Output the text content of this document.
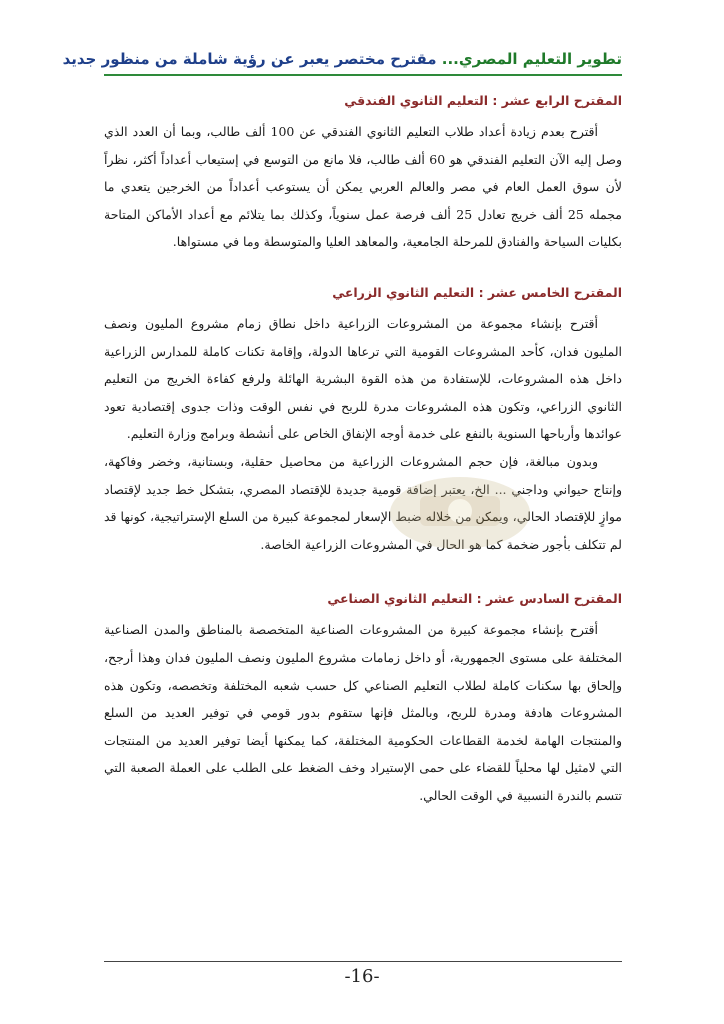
تطوير التعليم المصري... مقترح مختصر يعبر عن رؤية شاملة من منظور جديد
المقترح الرابع عشر : التعليم الثانوي الفندقي

أقترح بعدم زيادة أعداد طلاب التعليم الثانوي الفندقي عن 100 ألف طالب، وبما أن العدد الذي وصل إليه الآن التعليم الفندقي هو 60 ألف طالب، فلا مانع من التوسع في إستيعاب أعداداً أكثر، نظراً لأن سوق العمل العام في مصر والعالم العربي يمكن أن يستوعب أعداداً من الخرجين يتعدي ما مجمله 25 ألف خريج تعادل 25 ألف فرصة عمل سنوياً، وكذلك بما يتلائم مع أعداد الأماكن المتاحة بكليات السياحة والفنادق للمرحلة الجامعية، والمعاهد العليا والمتوسطة وما في مستواها.

المقترح الخامس عشر : التعليم الثانوي الزراعي

أقترح بإنشاء مجموعة من المشروعات الزراعية داخل نطاق زمام مشروع المليون ونصف المليون فدان، كأحد المشروعات القومية التي ترعاها الدولة، وإقامة تكنات كاملة للمدارس الزراعية داخل هذه المشروعات، للإستفادة من هذه القوة البشرية الهائلة ولرفع كفاءة الخريج من التعليم الثانوي الزراعي، وتكون هذه المشروعات مدرة للربح في نفس الوقت وذات جدوى إقتصادية تعود عوائدها وأرباحها السنوية بالنفع على خدمة أوجه الإنفاق الخاص على أنشطة وبرامج وزارة التعليم.

وبدون مبالغة، فإن حجم المشروعات الزراعية من محاصيل حقلية، وبستانية، وخضر وفاكهة، وإنتاج حيواني وداجني ... الخ، يعتبر إضافة قومية جديدة للإقتصاد المصري، بتشكل خط جديد لإقتصاد موازٍ للإقتصاد الحالي، ويمكن من خلاله ضبط الإسعار لمجموعة كبيرة من السلع الإستراتيجية، كونها قد لم تتكلف بأجور ضخمة كما هو الحال في المشروعات الزراعية الخاصة.

المقترح السادس عشر : التعليم الثانوي الصناعي

أقترح بإنشاء مجموعة كبيرة من المشروعات الصناعية المتخصصة بالمناطق والمدن الصناعية المختلفة على مستوى الجمهورية، أو داخل زمامات مشروع المليون ونصف المليون فدان وهذا أرجح، وإلحاق بها سكنات كاملة لطلاب التعليم الصناعي كل حسب شعبه المختلفة وتخصصه، وتكون هذه المشروعات هادفة ومدرة للربح، وبالمثل فإنها ستقوم بدور قومي في توفير العديد من السلع والمنتجات الهامة لخدمة القطاعات الحكومية المختلفة، كما يمكنها أيضا توفير العديد من المنتجات التي لامثيل لها محلياً للقضاء على حمى الإستيراد وخف الضغط على الطلب على العملة الصعبة التي تتسم بالندرة النسبية في الوقت الحالي.

-16-
